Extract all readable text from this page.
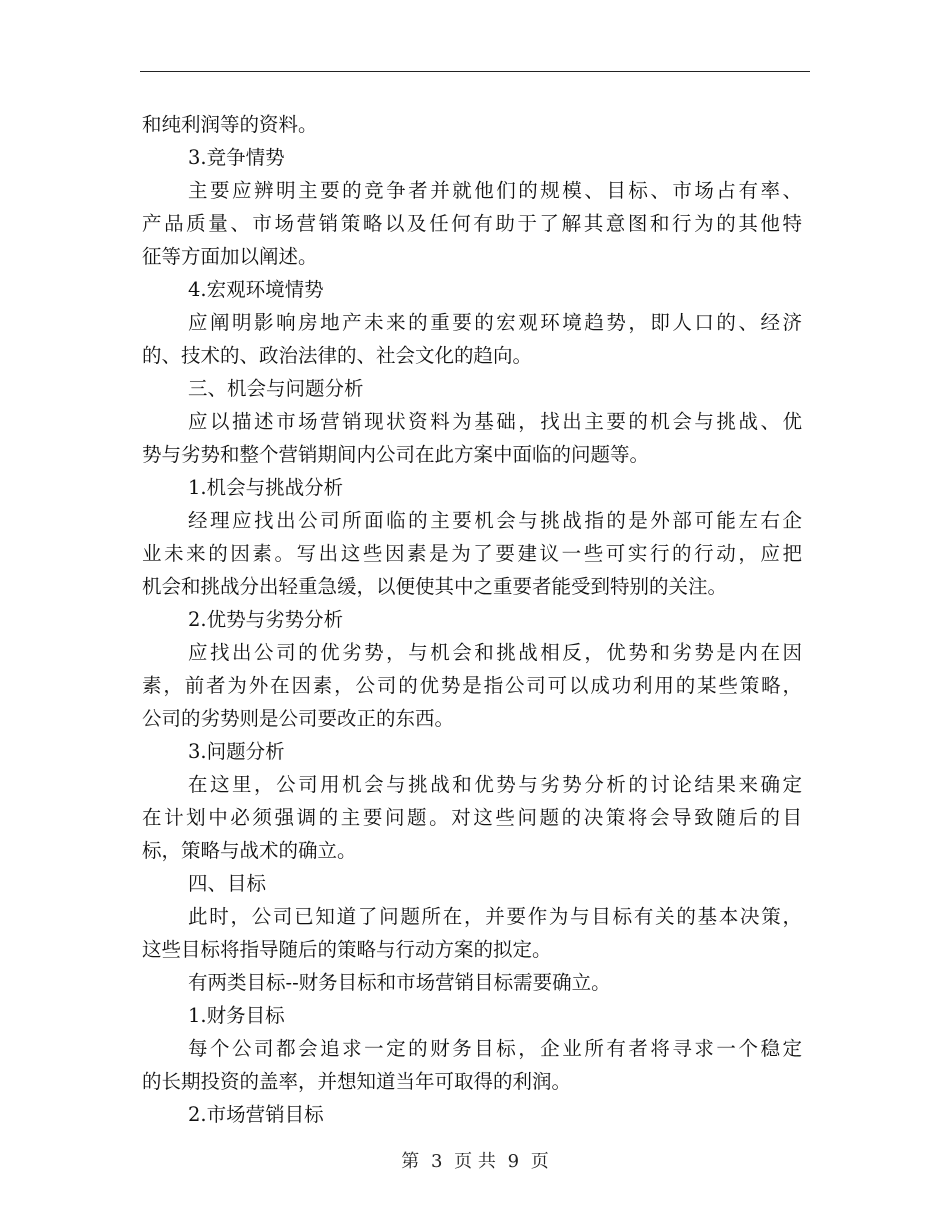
和纯利润等的资料。
3.竞争情势
主要应辨明主要的竞争者并就他们的规模、目标、市场占有率、
产品质量、市场营销策略以及任何有助于了解其意图和行为的其他特
征等方面加以阐述。
4.宏观环境情势
应阐明影响房地产未来的重要的宏观环境趋势，即人口的、经济
的、技术的、政治法律的、社会文化的趋向。
三、机会与问题分析
应以描述市场营销现状资料为基础，找出主要的机会与挑战、优
势与劣势和整个营销期间内公司在此方案中面临的问题等。
1.机会与挑战分析
经理应找出公司所面临的主要机会与挑战指的是外部可能左右企
业未来的因素。写出这些因素是为了要建议一些可实行的行动，应把
机会和挑战分出轻重急缓，以便使其中之重要者能受到特别的关注。
2.优势与劣势分析
应找出公司的优劣势，与机会和挑战相反，优势和劣势是内在因
素，前者为外在因素，公司的优势是指公司可以成功利用的某些策略，
公司的劣势则是公司要改正的东西。
3.问题分析
在这里，公司用机会与挑战和优势与劣势分析的讨论结果来确定
在计划中必须强调的主要问题。对这些问题的决策将会导致随后的目
标，策略与战术的确立。
四、目标
此时，公司已知道了问题所在，并要作为与目标有关的基本决策，
这些目标将指导随后的策略与行动方案的拟定。
有两类目标--财务目标和市场营销目标需要确立。
1.财务目标
每个公司都会追求一定的财务目标，企业所有者将寻求一个稳定
的长期投资的盖率，并想知道当年可取得的利润。
2.市场营销目标
第 3 页 共 9 页
